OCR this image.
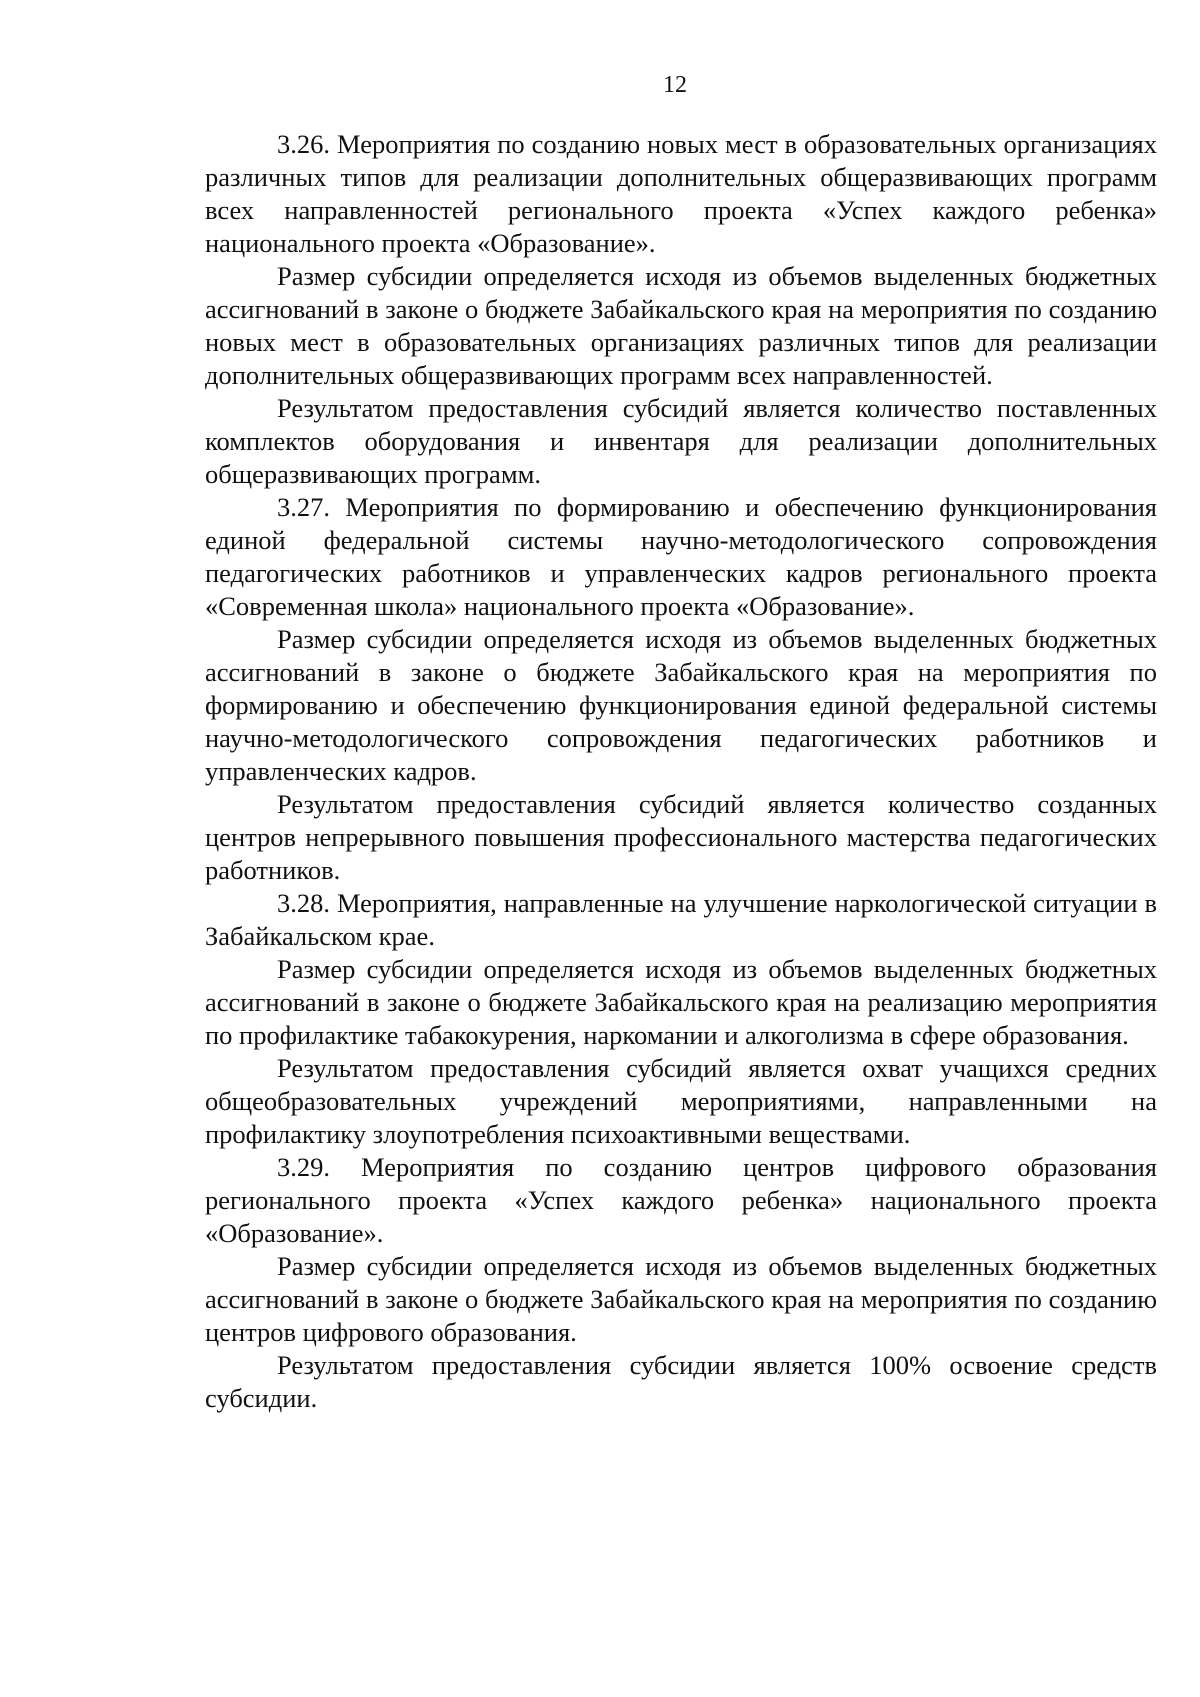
12

3.26. Мероприятия по созданию новых мест в образовательных организациях различных типов для реализации дополнительных общеразвивающих программ всех направленностей регионального проекта «Успех каждого ребенка» национального проекта «Образование».

Размер субсидии определяется исходя из объемов выделенных бюджетных ассигнований в законе о бюджете Забайкальского края на мероприятия по созданию новых мест в образовательных организациях различных типов для реализации дополнительных общеразвивающих программ всех направленностей.

Результатом предоставления субсидий является количество поставленных комплектов оборудования и инвентаря для реализации дополнительных общеразвивающих программ.

3.27. Мероприятия по формированию и обеспечению функционирования единой федеральной системы научно-методологического сопровождения педагогических работников и управленческих кадров регионального проекта «Современная школа» национального проекта «Образование».

Размер субсидии определяется исходя из объемов выделенных бюджетных ассигнований в законе о бюджете Забайкальского края на мероприятия по формированию и обеспечению функционирования единой федеральной системы научно-методологического сопровождения педагогических работников и управленческих кадров.

Результатом предоставления субсидий является количество созданных центров непрерывного повышения профессионального мастерства педагогических работников.

3.28. Мероприятия, направленные на улучшение наркологической ситуации в Забайкальском крае.

Размер субсидии определяется исходя из объемов выделенных бюджетных ассигнований в законе о бюджете Забайкальского края на реализацию мероприятия по профилактике табакокурения, наркомании и алкоголизма в сфере образования.

Результатом предоставления субсидий является охват учащихся средних общеобразовательных учреждений мероприятиями, направленными на профилактику злоупотребления психоактивными веществами.

3.29. Мероприятия по созданию центров цифрового образования регионального проекта «Успех каждого ребенка» национального проекта «Образование».

Размер субсидии определяется исходя из объемов выделенных бюджетных ассигнований в законе о бюджете Забайкальского края на мероприятия по созданию центров цифрового образования.

Результатом предоставления субсидии является 100% освоение средств субсидии.
